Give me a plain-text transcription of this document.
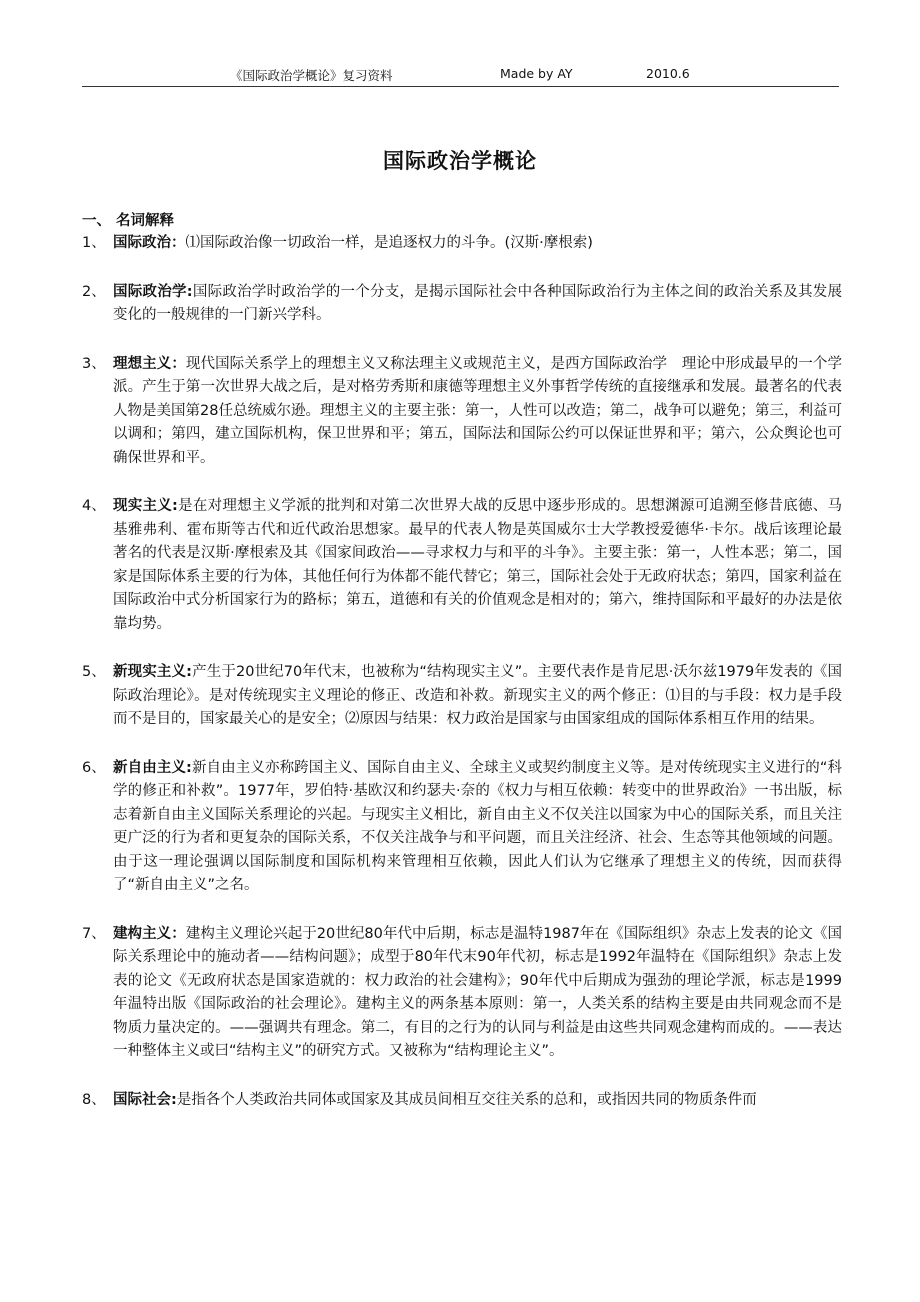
《国际政治学概论》复习资料	Made by AY	2010.6
国际政治学概论
一、 名词解释
1、 国际政治：⑴国际政治像一切政治一样，是追逐权力的斗争。(汉斯·摩根索)
2、 国际政治学:国际政治学时政治学的一个分支，是揭示国际社会中各种国际政治行为主体之间的政治关系及其发展变化的一般规律的一门新兴学科。
3、 理想主义：现代国际关系学上的理想主义又称法理主义或规范主义，是西方国际政治学　理论中形成最早的一个学派。产生于第一次世界大战之后，是对格劳秀斯和康德等理想主义外事哲学传统的直接继承和发展。最著名的代表人物是美国第28任总统威尔逊。理想主义的主要主张：第一，人性可以改造；第二，战争可以避免；第三，利益可以调和；第四，建立国际机构，保卫世界和平；第五，国际法和国际公约可以保证世界和平；第六，公众舆论也可确保世界和平。
4、 现实主义:是在对理想主义学派的批判和对第二次世界大战的反思中逐步形成的。思想渊源可追溯至修昔底德、马基雅弗利、霍布斯等古代和近代政治思想家。最早的代表人物是英国威尔士大学教授爱德华·卡尔。战后该理论最著名的代表是汉斯·摩根索及其《国家间政治——寻求权力与和平的斗争》。主要主张：第一，人性本恶；第二，国家是国际体系主要的行为体，其他任何行为体都不能代替它；第三，国际社会处于无政府状态；第四，国家利益在国际政治中式分析国家行为的路标；第五，道德和有关的价值观念是相对的；第六，维持国际和平最好的办法是依靠均势。
5、 新现实主义:产生于20世纪70年代末，也被称为“结构现实主义”。主要代表作是肯尼思·沃尔兹1979年发表的《国际政治理论》。是对传统现实主义理论的修正、改造和补救。新现实主义的两个修正：⑴目的与手段：权力是手段而不是目的，国家最关心的是安全；⑵原因与结果：权力政治是国家与由国家组成的国际体系相互作用的结果。
6、 新自由主义:新自由主义亦称跨国主义、国际自由主义、全球主义或契约制度主义等。是对传统现实主义进行的“科学的修正和补救”。1977年，罗伯特·基欧汉和约瑟夫·奈的《权力与相互依赖：转变中的世界政治》一书出版，标志着新自由主义国际关系理论的兴起。与现实主义相比，新自由主义不仅关注以国家为中心的国际关系，而且关注更广泛的行为者和更复杂的国际关系，不仅关注战争与和平问题，而且关注经济、社会、生态等其他领域的问题。由于这一理论强调以国际制度和国际机构来管理相互依赖，因此人们认为它继承了理想主义的传统，因而获得了“新自由主义”之名。
7、 建构主义：建构主义理论兴起于20世纪80年代中后期，标志是温特1987年在《国际组织》杂志上发表的论文《国际关系理论中的施动者——结构问题》；成型于80年代末90年代初，标志是1992年温特在《国际组织》杂志上发表的论文《无政府状态是国家造就的：权力政治的社会建构》；90年代中后期成为强劲的理论学派，标志是1999年温特出版《国际政治的社会理论》。建构主义的两条基本原则：第一，人类关系的结构主要是由共同观念而不是物质力量决定的。——强调共有理念。第二，有目的之行为的认同与利益是由这些共同观念建构而成的。——表达一种整体主义或曰“结构主义”的研究方式。又被称为“结构理论主义”。
8、 国际社会:是指各个人类政治共同体或国家及其成员间相互交往关系的总和，或指因共同的物质条件而
